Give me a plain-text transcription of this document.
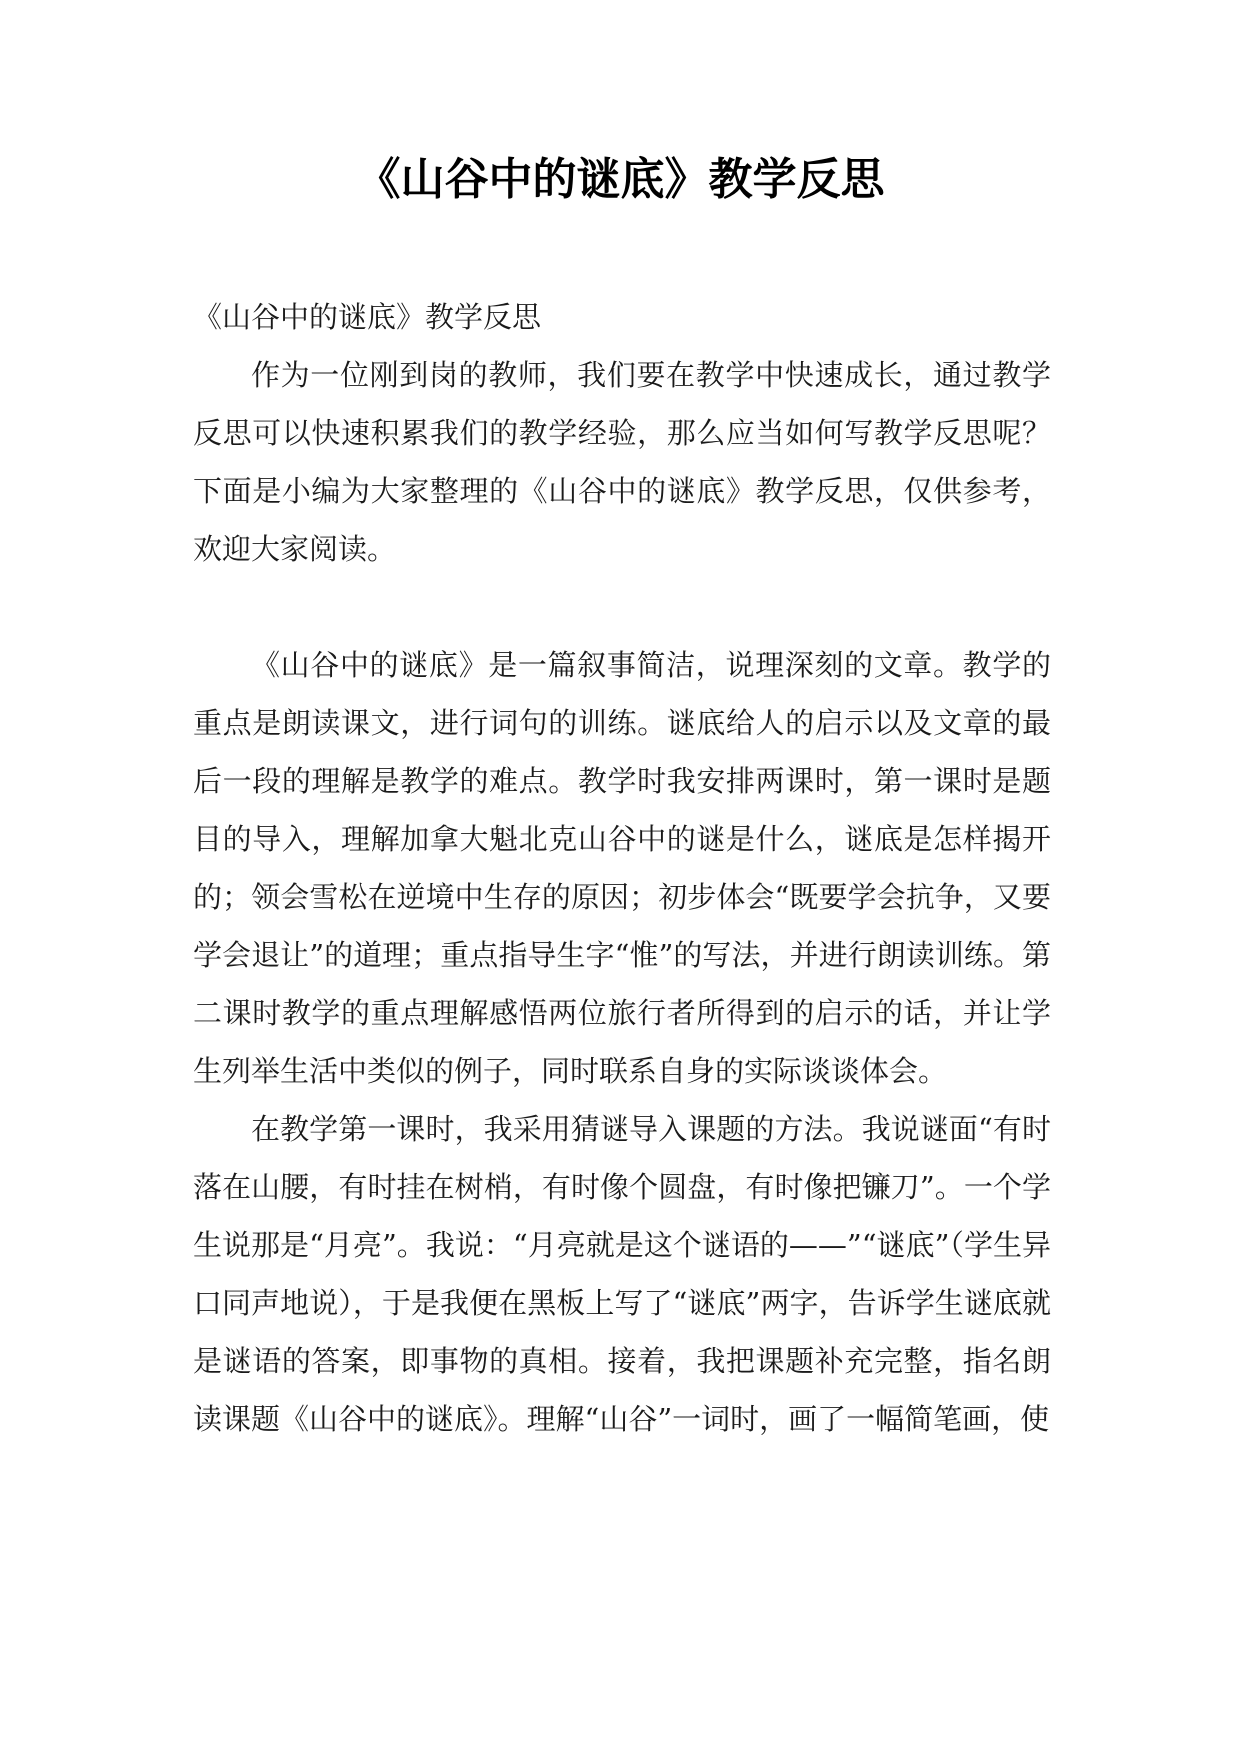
《山谷中的谜底》教学反思

《山谷中的谜底》教学反思

作为一位刚到岗的教师，我们要在教学中快速成长，通过教学反思可以快速积累我们的教学经验，那么应当如何写教学反思呢？下面是小编为大家整理的《山谷中的谜底》教学反思，仅供参考，欢迎大家阅读。

《山谷中的谜底》是一篇叙事简洁，说理深刻的文章。教学的重点是朗读课文，进行词句的训练。谜底给人的启示以及文章的最后一段的理解是教学的难点。教学时我安排两课时，第一课时是题目的导入，理解加拿大魁北克山谷中的谜是什么，谜底是怎样揭开的；领会雪松在逆境中生存的原因；初步体会“既要学会抗争，又要学会退让”的道理；重点指导生字“惟”的写法，并进行朗读训练。第二课时教学的重点理解感悟两位旅行者所得到的启示的话，并让学生列举生活中类似的例子，同时联系自身的实际谈谈体会。

在教学第一课时，我采用猜谜导入课题的方法。我说谜面“有时落在山腰，有时挂在树梢，有时像个圆盘，有时像把镰刀”。一个学生说那是“月亮”。我说：“月亮就是这个谜语的——”“谜底”（学生异口同声地说），于是我便在黑板上写了“谜底”两字，告诉学生谜底就是谜语的答案，即事物的真相。接着，我把课题补充完整，指名朗读课题《山谷中的谜底》。理解“山谷”一词时，画了一幅简笔画，使
